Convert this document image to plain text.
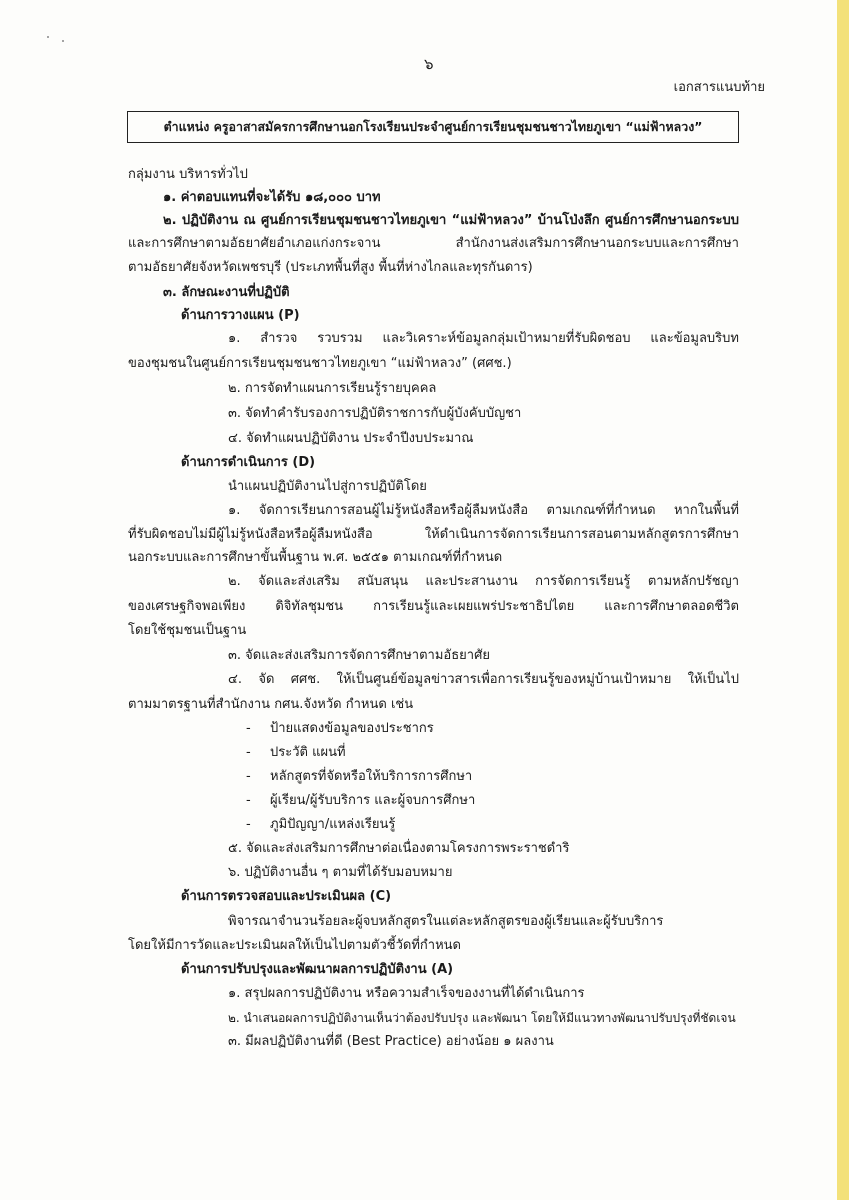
๖
เอกสารแนบท้าย
ตำแหน่ง ครูอาสาสมัครการศึกษานอกโรงเรียนประจำศูนย์การเรียนชุมชนชาวไทยภูเขา “แม่ฟ้าหลวง”
กลุ่มงาน บริหารทั่วไป
๑. ค่าตอบแทนที่จะได้รับ ๑๘,๐๐๐ บาท
๒. ปฏิบัติงาน ณ ศูนย์การเรียนชุมชนชาวไทยภูเขา “แม่ฟ้าหลวง” บ้านโป่งลึก ศูนย์การศึกษานอกระบบ
และการศึกษาตามอัธยาศัยอำเภอแก่งกระจาน สำนักงานส่งเสริมการศึกษานอกระบบและการศึกษา
ตามอัธยาศัยจังหวัดเพชรบุรี (ประเภทพื้นที่สูง พื้นที่ห่างไกลและทุรกันดาร)
๓. ลักษณะงานที่ปฏิบัติ
ด้านการวางแผน (P)
๑. สำรวจ รวบรวม และวิเคราะห์ข้อมูลกลุ่มเป้าหมายที่รับผิดชอบ และข้อมูลบริบท
ของชุมชนในศูนย์การเรียนชุมชนชาวไทยภูเขา “แม่ฟ้าหลวง” (ศศช.)
๒. การจัดทำแผนการเรียนรู้รายบุคคล
๓. จัดทำคำรับรองการปฏิบัติราชการกับผู้บังคับบัญชา
๔. จัดทำแผนปฏิบัติงาน ประจำปีงบประมาณ
ด้านการดำเนินการ (D)
นำแผนปฏิบัติงานไปสู่การปฏิบัติโดย
๑. จัดการเรียนการสอนผู้ไม่รู้หนังสือหรือผู้ลืมหนังสือ ตามเกณฑ์ที่กำหนด หากในพื้นที่
ที่รับผิดชอบไม่มีผู้ไม่รู้หนังสือหรือผู้ลืมหนังสือ ให้ดำเนินการจัดการเรียนการสอนตามหลักสูตรการศึกษา
นอกระบบและการศึกษาขั้นพื้นฐาน พ.ศ. ๒๕๕๑ ตามเกณฑ์ที่กำหนด
๒. จัดและส่งเสริม สนับสนุน และประสานงาน การจัดการเรียนรู้ ตามหลักปรัชญา
ของเศรษฐกิจพอเพียง ดิจิทัลชุมชน การเรียนรู้และเผยแพร่ประชาธิปไตย และการศึกษาตลอดชีวิต
โดยใช้ชุมชนเป็นฐาน
๓. จัดและส่งเสริมการจัดการศึกษาตามอัธยาศัย
๔. จัด ศศช. ให้เป็นศูนย์ข้อมูลข่าวสารเพื่อการเรียนรู้ของหมู่บ้านเป้าหมาย ให้เป็นไป
ตามมาตรฐานที่สำนักงาน กศน.จังหวัด กำหนด เช่น
- ป้ายแสดงข้อมูลของประชากร
- ประวัติ แผนที่
- หลักสูตรที่จัดหรือให้บริการการศึกษา
- ผู้เรียน/ผู้รับบริการ และผู้จบการศึกษา
- ภูมิปัญญา/แหล่งเรียนรู้
๕. จัดและส่งเสริมการศึกษาต่อเนื่องตามโครงการพระราชดำริ
๖. ปฏิบัติงานอื่น ๆ ตามที่ได้รับมอบหมาย
ด้านการตรวจสอบและประเมินผล (C)
พิจารณาจำนวนร้อยละผู้จบหลักสูตรในแต่ละหลักสูตรของผู้เรียนและผู้รับบริการ
โดยให้มีการวัดและประเมินผลให้เป็นไปตามตัวชี้วัดที่กำหนด
ด้านการปรับปรุงและพัฒนาผลการปฏิบัติงาน (A)
๑. สรุปผลการปฏิบัติงาน หรือความสำเร็จของงานที่ได้ดำเนินการ
๒. นำเสนอผลการปฏิบัติงานเห็นว่าต้องปรับปรุง และพัฒนา โดยให้มีแนวทางพัฒนาปรับปรุงที่ชัดเจน
๓. มีผลปฏิบัติงานที่ดี (Best Practice) อย่างน้อย ๑ ผลงาน
